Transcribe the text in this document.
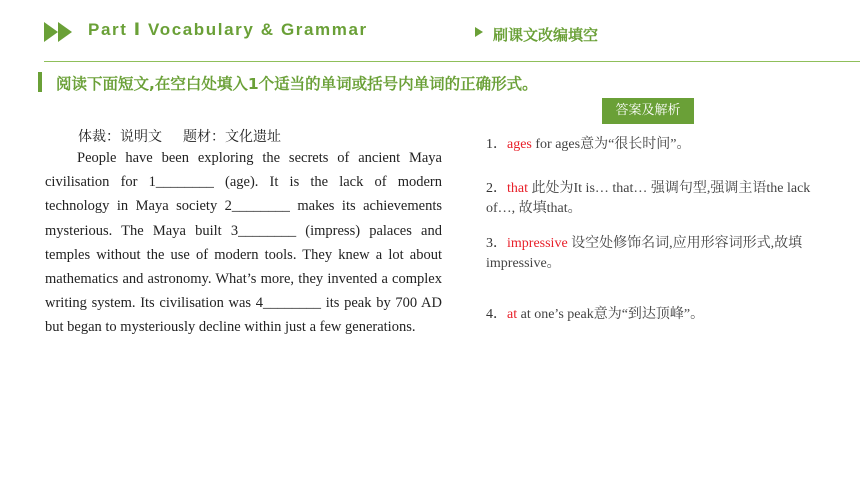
Part Ⅰ Vocabulary & Grammar	刷课文改编填空
阅读下面短文,在空白处填入1个适当的单词或括号内单词的正确形式。
答案及解析
体裁：说明文      题材：文化遗址

People have been exploring the secrets of ancient Maya civilisation for 1________ (age). It is the lack of modern technology in Maya society 2________ makes its achievements mysterious. The Maya built 3________ (impress) palaces and temples without the use of modern tools. They knew a lot about mathematics and astronomy. What’s more, they invented a complex writing system. Its civilisation was 4________ its peak by 700 AD but began to mysteriously decline within just a few generations.

1．ages for ages意为“很长时间”。
2．that 此处为It is… that… 强调句型,强调主语the lack of…, 故填that。
3．impressive 设空处修饰名词,应用形容词形式,故填impressive。
4．at at one’s peak意为“到达顶峰”。
